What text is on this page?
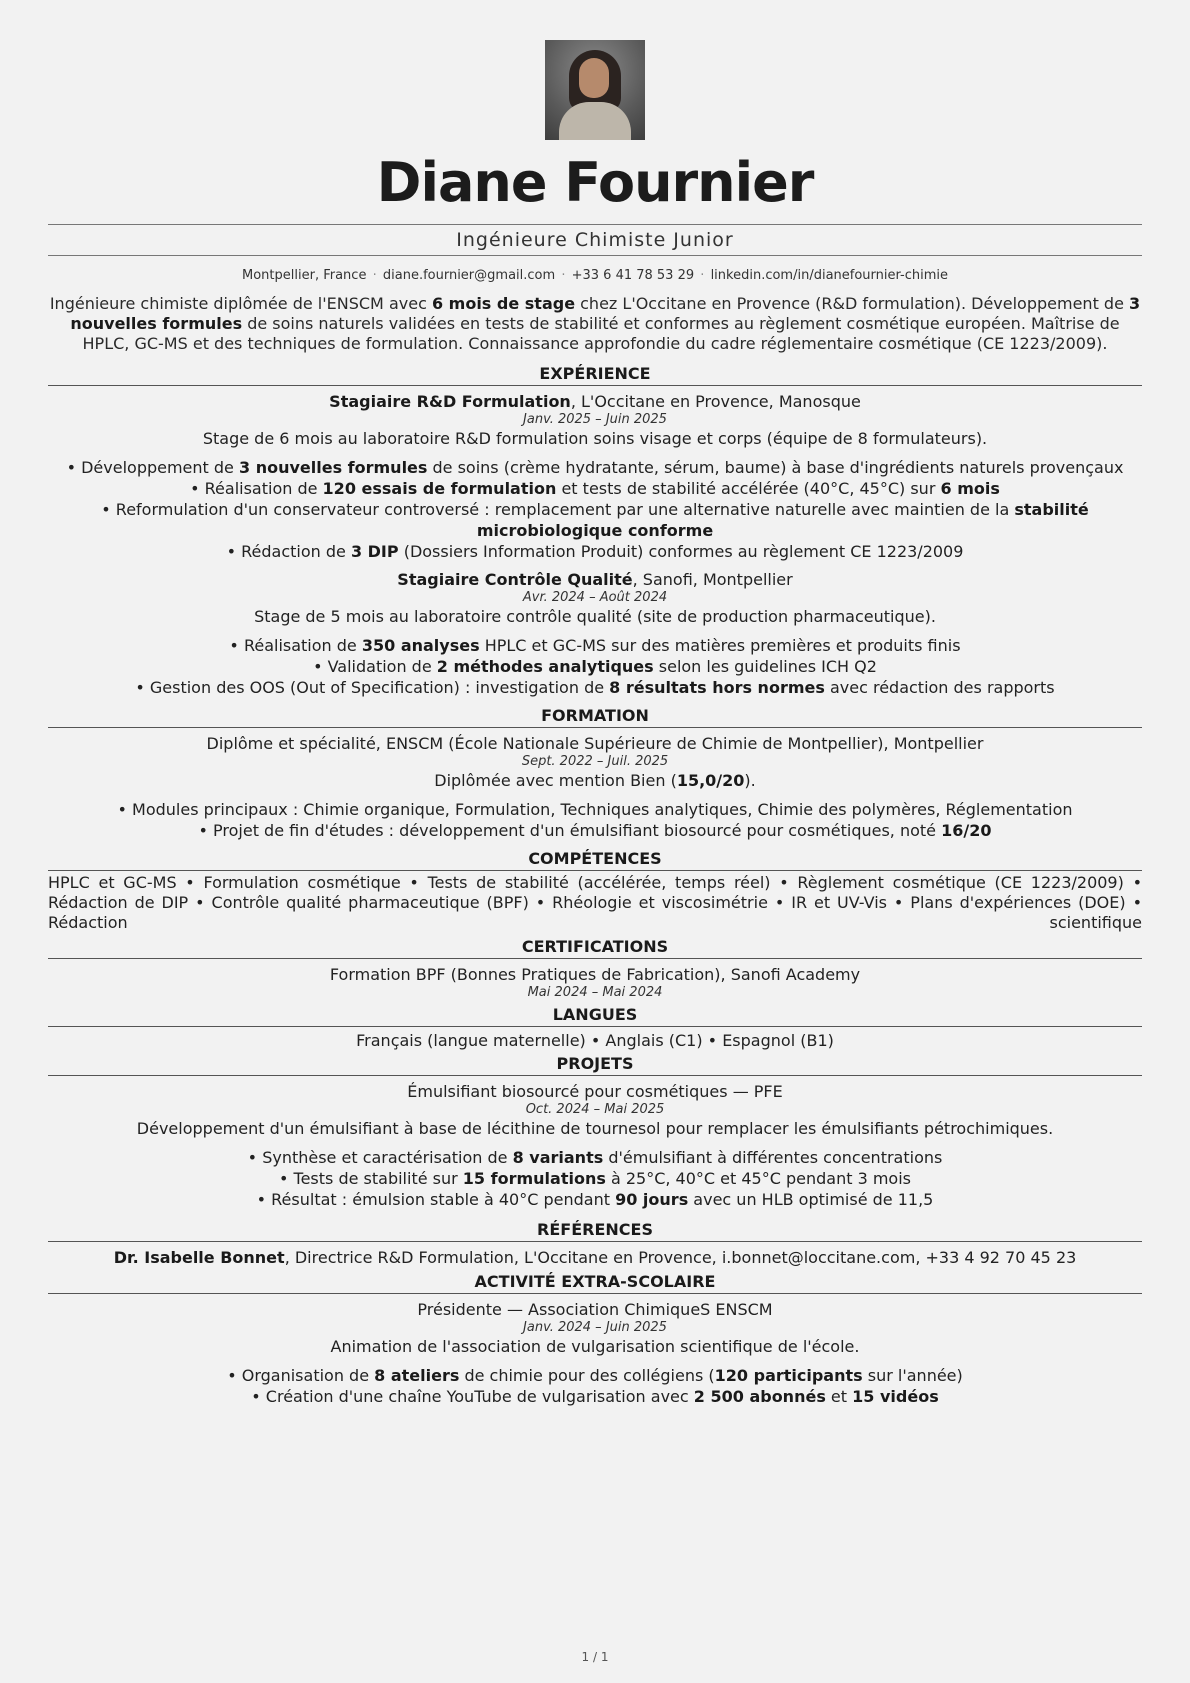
Diane Fournier
Ingénieure Chimiste Junior
Montpellier, France · diane.fournier@gmail.com · +33 6 41 78 53 29 · linkedin.com/in/dianefournier-chimie
Ingénieure chimiste diplômée de l'ENSCM avec 6 mois de stage chez L'Occitane en Provence (R&D formulation). Développement de 3 nouvelles formules de soins naturels validées en tests de stabilité et conformes au règlement cosmétique européen. Maîtrise de HPLC, GC-MS et des techniques de formulation. Connaissance approfondie du cadre réglementaire cosmétique (CE 1223/2009).
EXPÉRIENCE
Stagiaire R&D Formulation, L'Occitane en Provence, Manosque
Janv. 2025 – Juin 2025
Stage de 6 mois au laboratoire R&D formulation soins visage et corps (équipe de 8 formulateurs).
• Développement de 3 nouvelles formules de soins (crème hydratante, sérum, baume) à base d'ingrédients naturels provençaux
• Réalisation de 120 essais de formulation et tests de stabilité accélérée (40°C, 45°C) sur 6 mois
• Reformulation d'un conservateur controversé : remplacement par une alternative naturelle avec maintien de la stabilité microbiologique conforme
• Rédaction de 3 DIP (Dossiers Information Produit) conformes au règlement CE 1223/2009
Stagiaire Contrôle Qualité, Sanofi, Montpellier
Avr. 2024 – Août 2024
Stage de 5 mois au laboratoire contrôle qualité (site de production pharmaceutique).
• Réalisation de 350 analyses HPLC et GC-MS sur des matières premières et produits finis
• Validation de 2 méthodes analytiques selon les guidelines ICH Q2
• Gestion des OOS (Out of Specification) : investigation de 8 résultats hors normes avec rédaction des rapports
FORMATION
Diplôme et spécialité, ENSCM (École Nationale Supérieure de Chimie de Montpellier), Montpellier
Sept. 2022 – Juil. 2025
Diplômée avec mention Bien (15,0/20).
• Modules principaux : Chimie organique, Formulation, Techniques analytiques, Chimie des polymères, Réglementation
• Projet de fin d'études : développement d'un émulsifiant biosourcé pour cosmétiques, noté 16/20
COMPÉTENCES
HPLC et GC-MS • Formulation cosmétique • Tests de stabilité (accélérée, temps réel) • Règlement cosmétique (CE 1223/2009) • Rédaction de DIP • Contrôle qualité pharmaceutique (BPF) • Rhéologie et viscosimétrie • IR et UV-Vis • Plans d'expériences (DOE) • Rédaction scientifique
CERTIFICATIONS
Formation BPF (Bonnes Pratiques de Fabrication), Sanofi Academy
Mai 2024 – Mai 2024
LANGUES
Français (langue maternelle) • Anglais (C1) • Espagnol (B1)
PROJETS
Émulsifiant biosourcé pour cosmétiques — PFE
Oct. 2024 – Mai 2025
Développement d'un émulsifiant à base de lécithine de tournesol pour remplacer les émulsifiants pétrochimiques.
• Synthèse et caractérisation de 8 variants d'émulsifiant à différentes concentrations
• Tests de stabilité sur 15 formulations à 25°C, 40°C et 45°C pendant 3 mois
• Résultat : émulsion stable à 40°C pendant 90 jours avec un HLB optimisé de 11,5
RÉFÉRENCES
Dr. Isabelle Bonnet, Directrice R&D Formulation, L'Occitane en Provence, i.bonnet@loccitane.com, +33 4 92 70 45 23
ACTIVITÉ EXTRA-SCOLAIRE
Présidente — Association ChimiqueS ENSCM
Janv. 2024 – Juin 2025
Animation de l'association de vulgarisation scientifique de l'école.
• Organisation de 8 ateliers de chimie pour des collégiens (120 participants sur l'année)
• Création d'une chaîne YouTube de vulgarisation avec 2 500 abonnés et 15 vidéos
1 / 1
